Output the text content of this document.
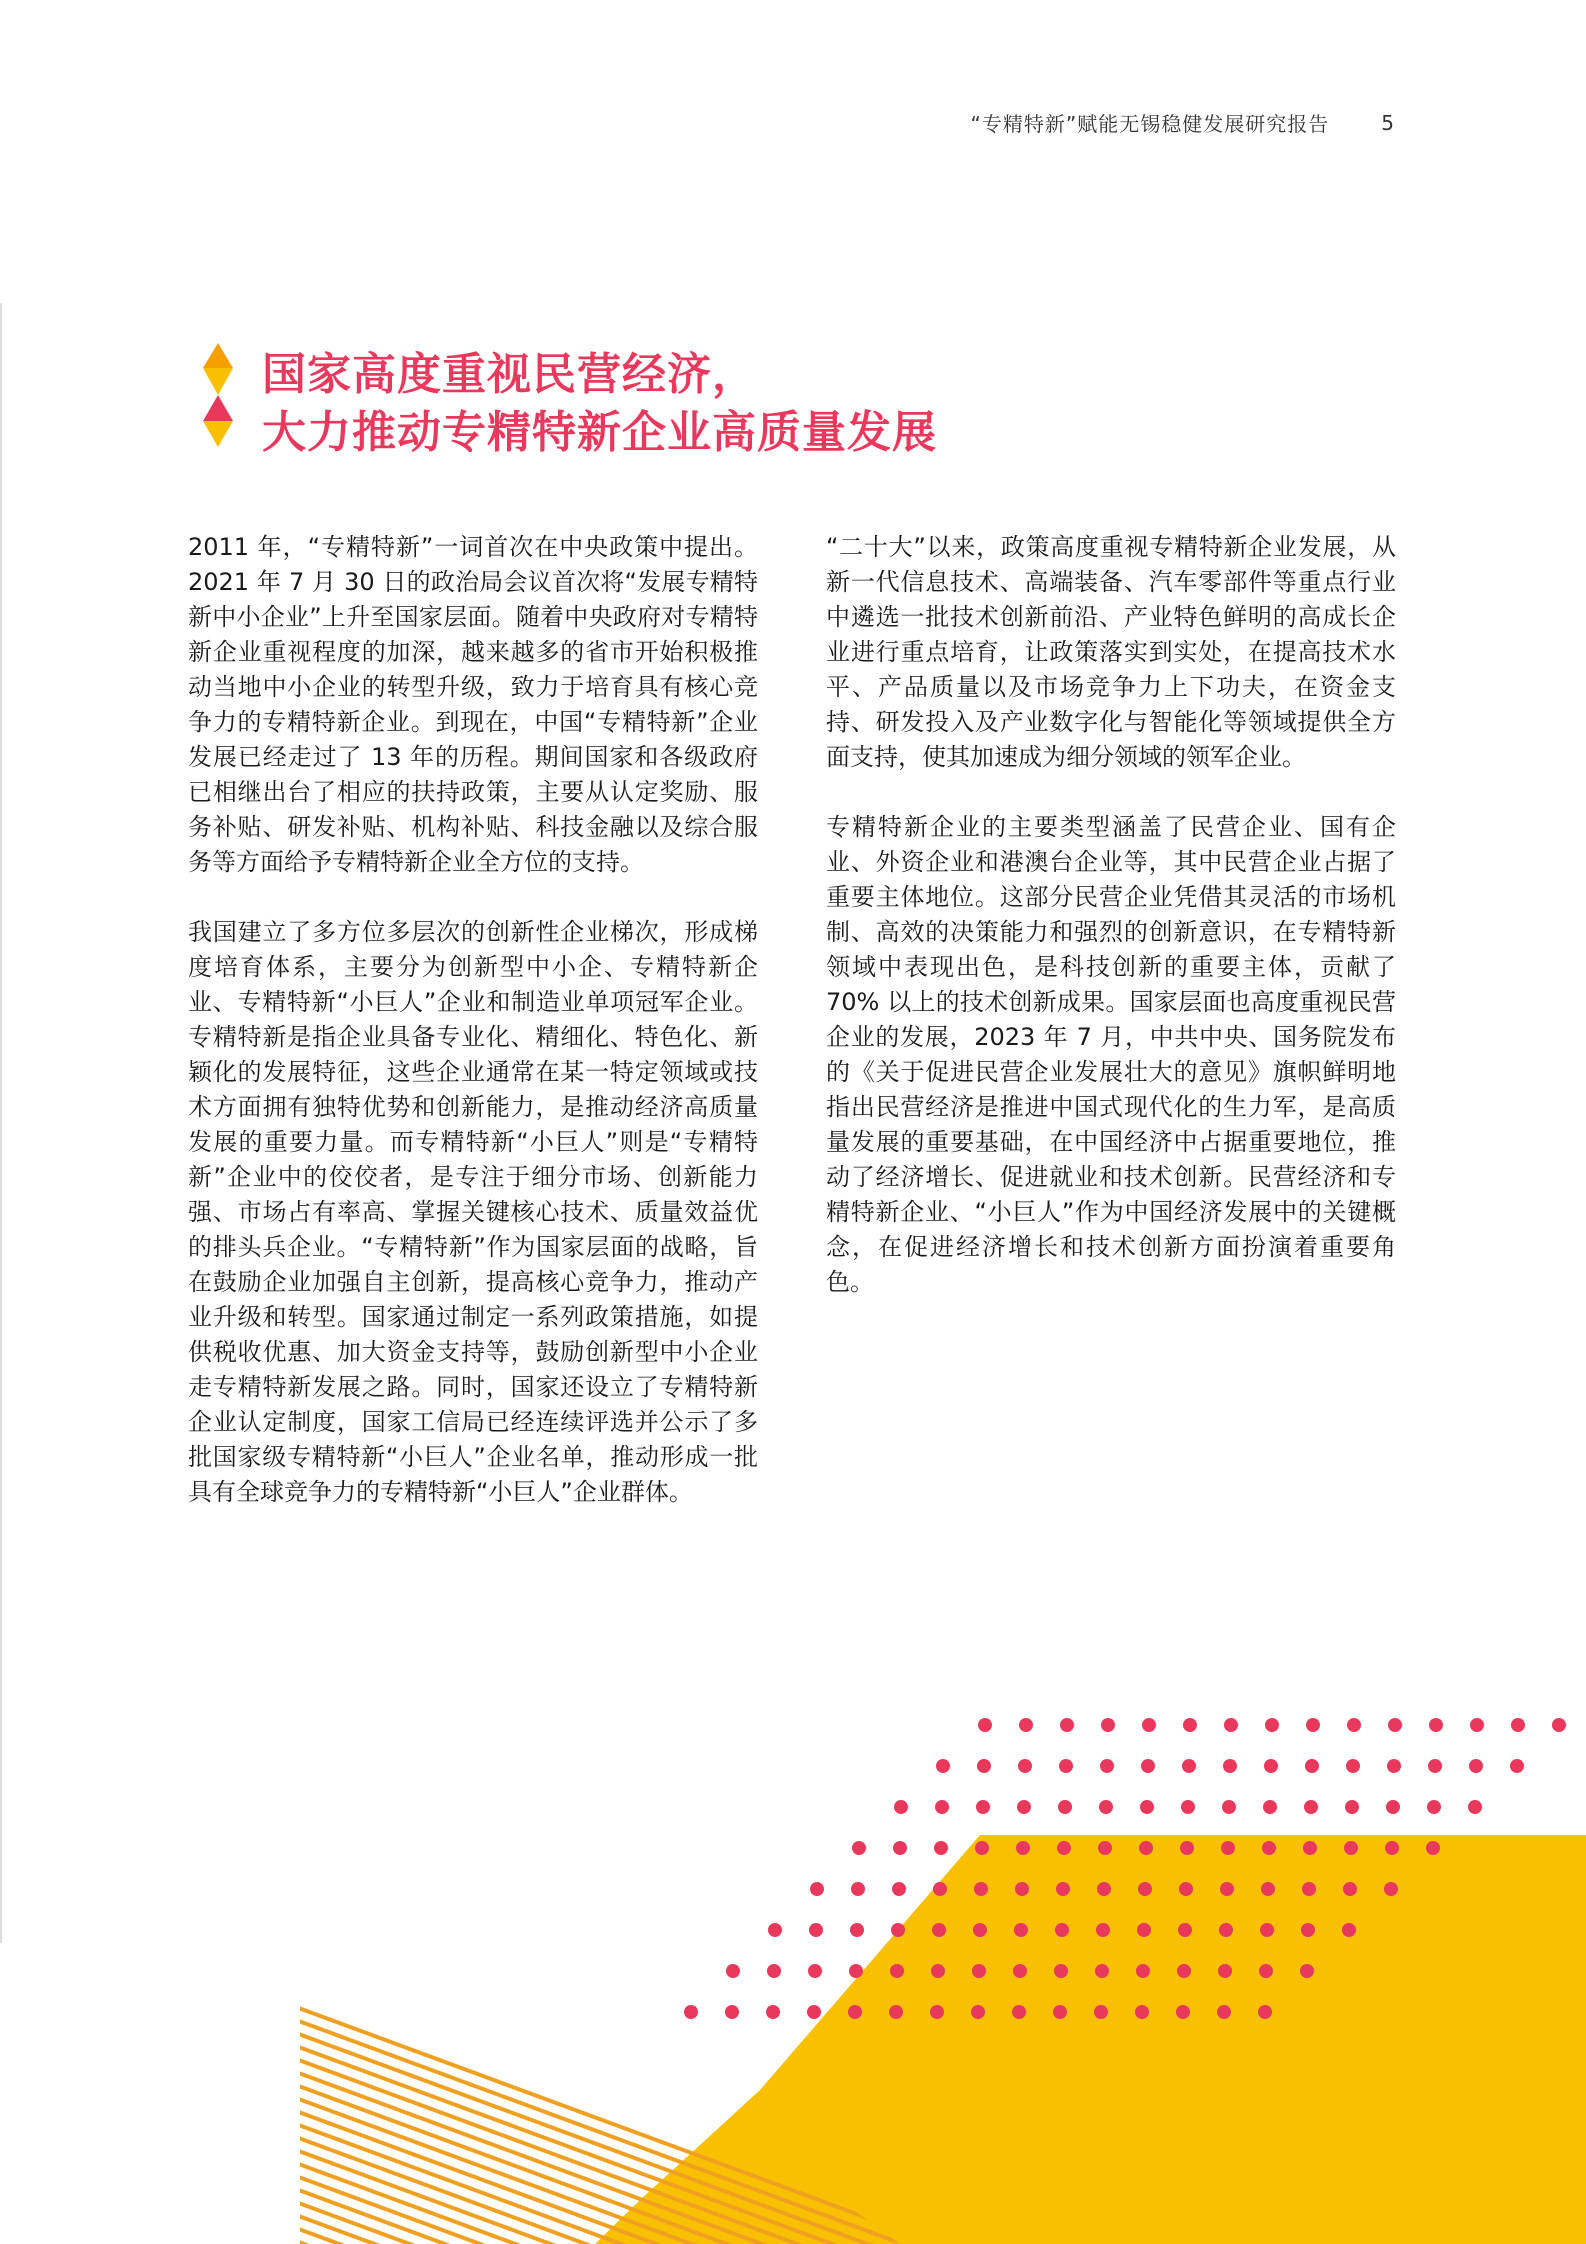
“专精特新”赋能无锡稳健发展研究报告	5
国家高度重视民营经济，
大力推动专精特新企业高质量发展

2011 年，“专精特新”一词首次在中央政策中提出。2021 年 7 月 30 日的政治局会议首次将“发展专精特新中小企业”上升至国家层面。随着中央政府对专精特新企业重视程度的加深，越来越多的省市开始积极推动当地中小企业的转型升级，致力于培育具有核心竞争力的专精特新企业。到现在，中国“专精特新”企业发展已经走过了 13 年的历程。期间国家和各级政府已相继出台了相应的扶持政策，主要从认定奖励、服务补贴、研发补贴、机构补贴、科技金融以及综合服务等方面给予专精特新企业全方位的支持。

我国建立了多方位多层次的创新性企业梯次，形成梯度培育体系，主要分为创新型中小企、专精特新企业、专精特新“小巨人”企业和制造业单项冠军企业。专精特新是指企业具备专业化、精细化、特色化、新颖化的发展特征，这些企业通常在某一特定领域或技术方面拥有独特优势和创新能力，是推动经济高质量发展的重要力量。而专精特新“小巨人”则是“专精特新”企业中的佼佼者，是专注于细分市场、创新能力强、市场占有率高、掌握关键核心技术、质量效益优的排头兵企业。“专精特新”作为国家层面的战略，旨在鼓励企业加强自主创新，提高核心竞争力，推动产业升级和转型。国家通过制定一系列政策措施，如提供税收优惠、加大资金支持等，鼓励创新型中小企业走专精特新发展之路。同时，国家还设立了专精特新企业认定制度，国家工信局已经连续评选并公示了多批国家级专精特新“小巨人”企业名单，推动形成一批具有全球竞争力的专精特新“小巨人”企业群体。

“二十大”以来，政策高度重视专精特新企业发展，从新一代信息技术、高端装备、汽车零部件等重点行业中遴选一批技术创新前沿、产业特色鲜明的高成长企业进行重点培育，让政策落实到实处，在提高技术水平、产品质量以及市场竞争力上下功夫，在资金支持、研发投入及产业数字化与智能化等领域提供全方面支持，使其加速成为细分领域的领军企业。

专精特新企业的主要类型涵盖了民营企业、国有企业、外资企业和港澳台企业等，其中民营企业占据了重要主体地位。这部分民营企业凭借其灵活的市场机制、高效的决策能力和强烈的创新意识，在专精特新领域中表现出色，是科技创新的重要主体，贡献了 70% 以上的技术创新成果。国家层面也高度重视民营企业的发展，2023 年 7 月，中共中央、国务院发布的《关于促进民营企业发展壮大的意见》旗帜鲜明地指出民营经济是推进中国式现代化的生力军，是高质量发展的重要基础，在中国经济中占据重要地位，推动了经济增长、促进就业和技术创新。民营经济和专精特新企业、“小巨人”作为中国经济发展中的关键概念，在促进经济增长和技术创新方面扮演着重要角色。
